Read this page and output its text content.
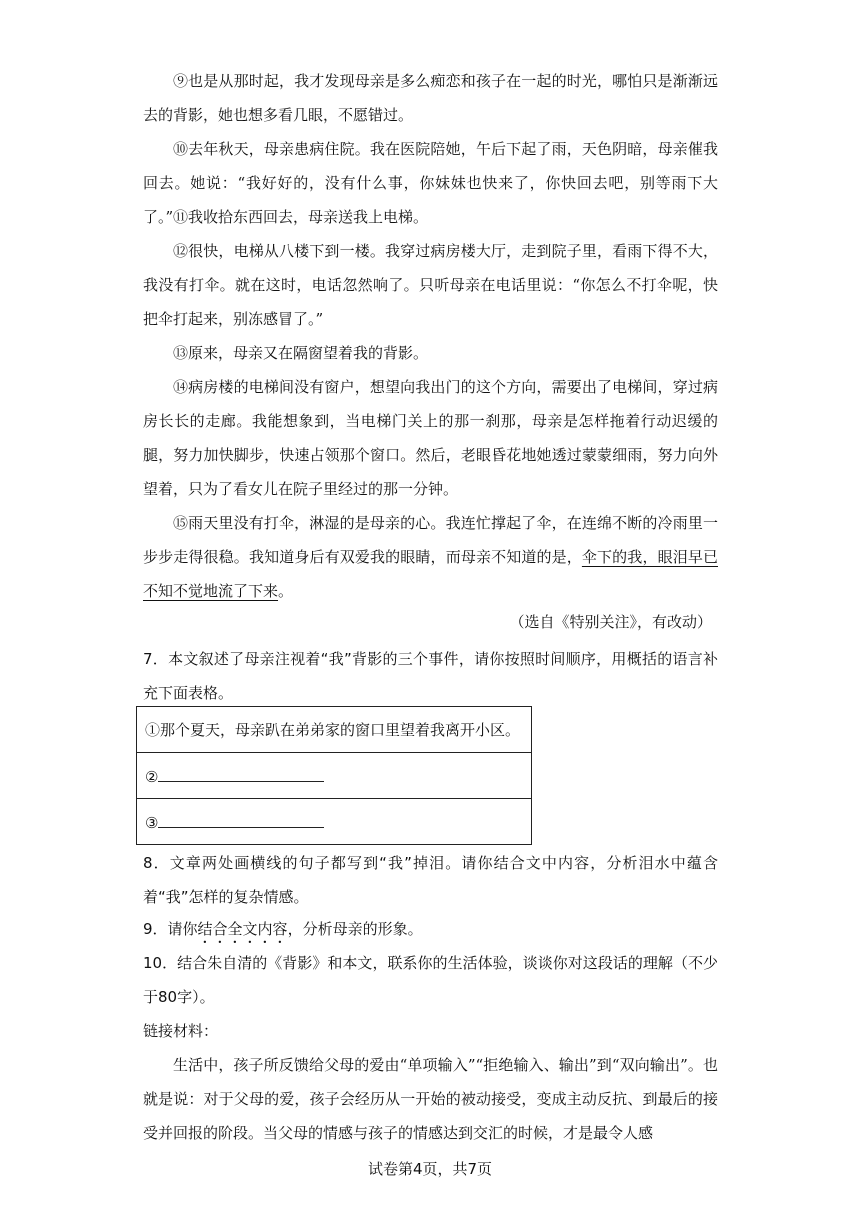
⑨也是从那时起，我才发现母亲是多么痴恋和孩子在一起的时光，哪怕只是渐渐远去的背影，她也想多看几眼，不愿错过。

⑩去年秋天，母亲患病住院。我在医院陪她，午后下起了雨，天色阴暗，母亲催我回去。她说：“我好好的，没有什么事，你妹妹也快来了，你快回去吧，别等雨下大了。” ⑪我收拾东西回去，母亲送我上电梯。

⑫很快，电梯从八楼下到一楼。我穿过病房楼大厅，走到院子里，看雨下得不大，我没有打伞。就在这时，电话忽然响了。只听母亲在电话里说：“你怎么不打伞呢，快把伞打起来，别冻感冒了。”

⑬原来，母亲又在隔窗望着我的背影。

⑭病房楼的电梯间没有窗户，想望向我出门的这个方向，需要出了电梯间，穿过病房长长的走廊。我能想象到，当电梯门关上的那一刹那，母亲是怎样拖着行动迟缓的腿，努力加快脚步，快速占领那个窗口。然后，老眼昏花地她透过蒙蒙细雨，努力向外望着，只为了看女儿在院子里经过的那一分钟。

⑮雨天里没有打伞，淋湿的是母亲的心。我连忙撑起了伞，在连绵不断的冷雨里一步步走得很稳。我知道身后有双爱我的眼睛，而母亲不知道的是，伞下的我，眼泪早已不知不觉地流了下来。

（选自《特别关注》，有改动）

7．本文叙述了母亲注视着“我”背影的三个事件，请你按照时间顺序，用概括的语言补充下面表格。

①那个夏天，母亲趴在弟弟家的窗口里望着我离开小区。
②
③

8．文章两处画横线的句子都写到“我”掉泪。请你结合文中内容，分析泪水中蕴含着“我”怎样的复杂情感。

9．请你结合全文内容，分析母亲的形象。

10．结合朱自清的《背影》和本文，联系你的生活体验，谈谈你对这段话的理解（不少于80字）。

链接材料：

生活中，孩子所反馈给父母的爱由“单项输入”“拒绝输入、输出”到“双向输出”。也就是说：对于父母的爱，孩子会经历从一开始的被动接受，变成主动反抗、到最后的接受并回报的阶段。当父母的情感与孩子的情感达到交汇的时候，才是最令人感

试卷第4页，共7页
